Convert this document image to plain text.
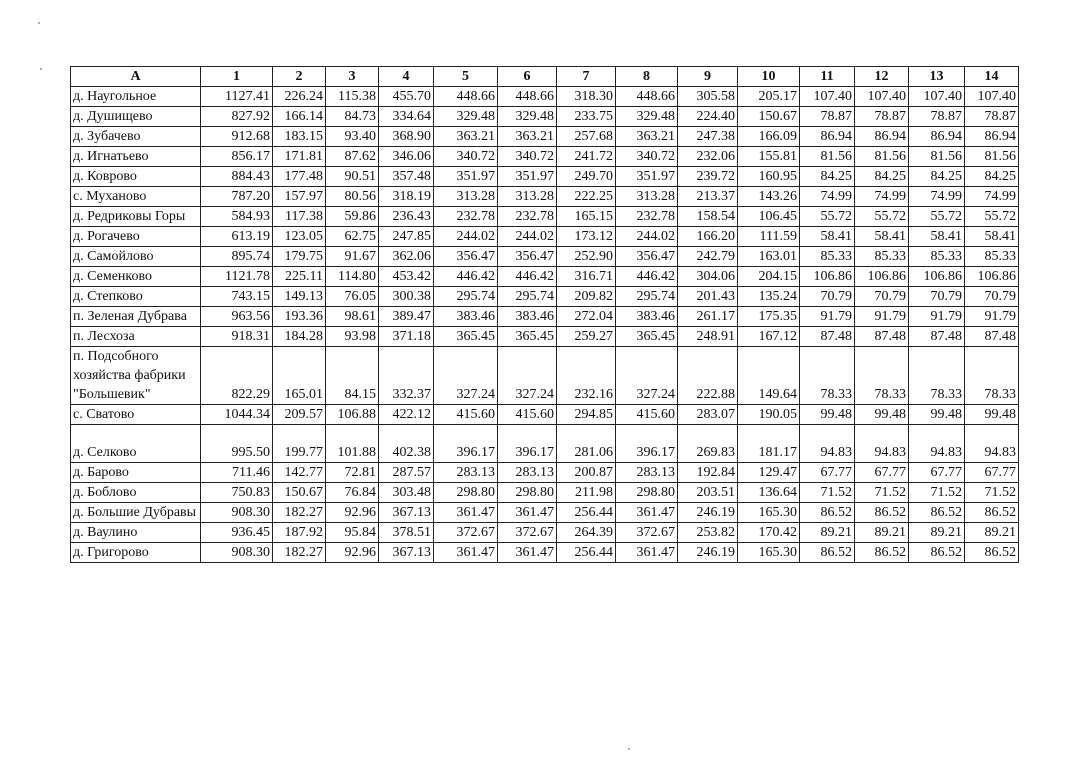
A	1	2	3	4	5	6	7	8	9	10	11	12	13	14
д. Наугольное	1127.41	226.24	115.38	455.70	448.66	448.66	318.30	448.66	305.58	205.17	107.40	107.40	107.40	107.40
д. Душищево	827.92	166.14	84.73	334.64	329.48	329.48	233.75	329.48	224.40	150.67	78.87	78.87	78.87	78.87
д. Зубачево	912.68	183.15	93.40	368.90	363.21	363.21	257.68	363.21	247.38	166.09	86.94	86.94	86.94	86.94
д. Игнатьево	856.17	171.81	87.62	346.06	340.72	340.72	241.72	340.72	232.06	155.81	81.56	81.56	81.56	81.56
д. Коврово	884.43	177.48	90.51	357.48	351.97	351.97	249.70	351.97	239.72	160.95	84.25	84.25	84.25	84.25
с. Муханово	787.20	157.97	80.56	318.19	313.28	313.28	222.25	313.28	213.37	143.26	74.99	74.99	74.99	74.99
д. Редриковы Горы	584.93	117.38	59.86	236.43	232.78	232.78	165.15	232.78	158.54	106.45	55.72	55.72	55.72	55.72
д. Рогачево	613.19	123.05	62.75	247.85	244.02	244.02	173.12	244.02	166.20	111.59	58.41	58.41	58.41	58.41
д. Самойлово	895.74	179.75	91.67	362.06	356.47	356.47	252.90	356.47	242.79	163.01	85.33	85.33	85.33	85.33
д. Семенково	1121.78	225.11	114.80	453.42	446.42	446.42	316.71	446.42	304.06	204.15	106.86	106.86	106.86	106.86
д. Степково	743.15	149.13	76.05	300.38	295.74	295.74	209.82	295.74	201.43	135.24	70.79	70.79	70.79	70.79
п. Зеленая Дубрава	963.56	193.36	98.61	389.47	383.46	383.46	272.04	383.46	261.17	175.35	91.79	91.79	91.79	91.79
п. Лесхоза	918.31	184.28	93.98	371.18	365.45	365.45	259.27	365.45	248.91	167.12	87.48	87.48	87.48	87.48
п. Подсобного хозяйства фабрики "Большевик"	822.29	165.01	84.15	332.37	327.24	327.24	232.16	327.24	222.88	149.64	78.33	78.33	78.33	78.33
с. Сватово	1044.34	209.57	106.88	422.12	415.60	415.60	294.85	415.60	283.07	190.05	99.48	99.48	99.48	99.48
д. Селково	995.50	199.77	101.88	402.38	396.17	396.17	281.06	396.17	269.83	181.17	94.83	94.83	94.83	94.83
д. Барово	711.46	142.77	72.81	287.57	283.13	283.13	200.87	283.13	192.84	129.47	67.77	67.77	67.77	67.77
д. Боблово	750.83	150.67	76.84	303.48	298.80	298.80	211.98	298.80	203.51	136.64	71.52	71.52	71.52	71.52
д. Большие Дубравы	908.30	182.27	92.96	367.13	361.47	361.47	256.44	361.47	246.19	165.30	86.52	86.52	86.52	86.52
д. Ваулино	936.45	187.92	95.84	378.51	372.67	372.67	264.39	372.67	253.82	170.42	89.21	89.21	89.21	89.21
д. Григорово	908.30	182.27	92.96	367.13	361.47	361.47	256.44	361.47	246.19	165.30	86.52	86.52	86.52	86.52
